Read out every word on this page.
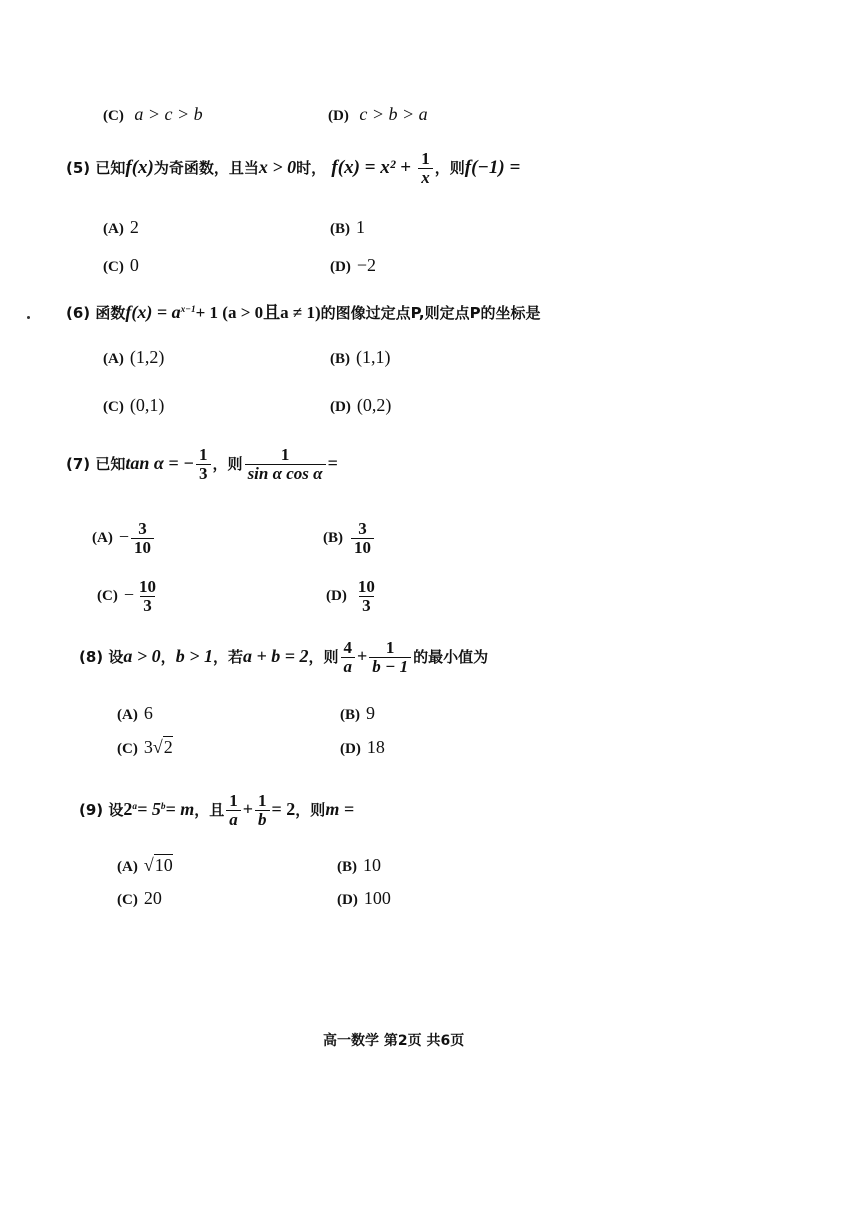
(C) a > c > b	(D) c > b > a
(5) 已知f(x)为奇函数，且当x > 0时， $f(x) = x^2 + \frac{1}{x}$ ，则f(−1) =
(A) 2	(B) 1
(C) 0	(D) −2
(6) 函数$f(x) = a^{x-1}+ 1$ (a > 0且a ≠ 1)的图像过定点P,则定点P的坐标是
(A) (1,2)	(B) (1,1)
(C) (0,1)	(D) (0,2)
(7) 已知tan α = − $\frac{1}{3}$ ，则 $\frac{1}{\text{sin α cos α}}$ =
$(A) - \frac{3}{10}$	$(B) \frac{3}{10}$
$(C) - \frac{10}{3}$	$(D) \frac{10}{3}$
(8) 设a > 0，b > 1，若a + b = 2，则 $\frac{4}{a} + \frac{1}{b - 1}$ 的最小值为
(A) 6	(B) 9
(C) 3√2	(D) 18
(9) 设$2^a= 5^b= m$，且 $\frac{1}{a} + \frac{1}{b} = 2$，则m =
(A) √10	(B) 10
(C) 20	(D) 100
高一数学 第2页 共6页
